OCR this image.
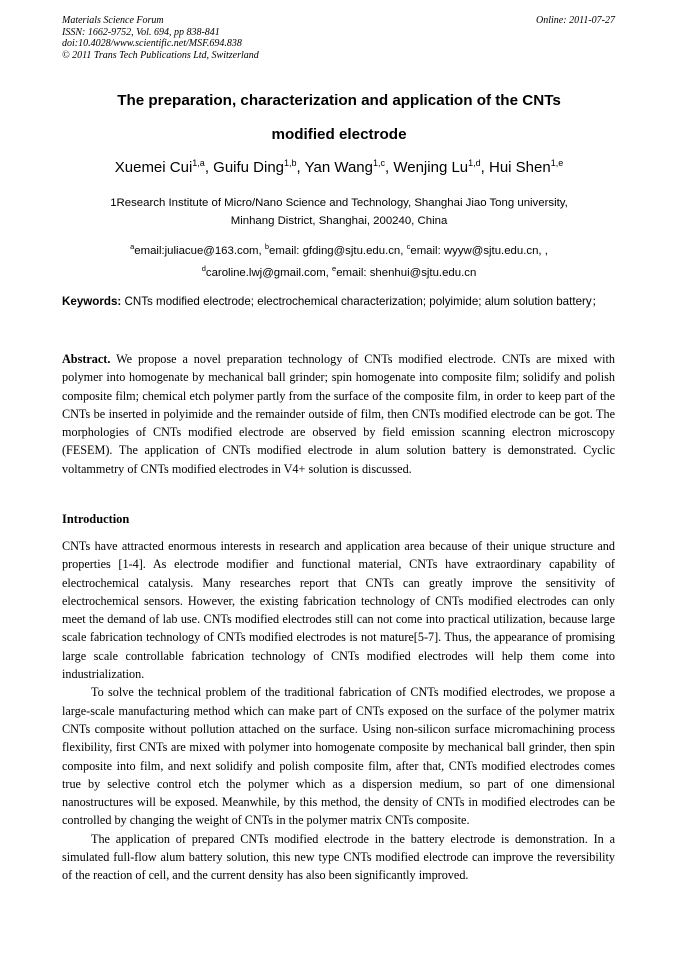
Materials Science Forum
ISSN: 1662-9752, Vol. 694, pp 838-841
doi:10.4028/www.scientific.net/MSF.694.838
© 2011 Trans Tech Publications Ltd, Switzerland
Online: 2011-07-27
The preparation, characterization and application of the CNTs
modified electrode
Xuemei Cui$^{1,a}$, Guifu Ding$^{1,b}$, Yan Wang$^{1,c}$, Wenjing Lu$^{1,d}$, Hui Shen$^{1,e}$
1Research Institute of Micro/Nano Science and Technology, Shanghai Jiao Tong university,
Minhang District, Shanghai, 200240, China
$^a$email:juliacue@163.com, $^b$email: gfding@sjtu.edu.cn, $^c$email: wyyw@sjtu.edu.cn, ,
$^d$caroline.lwj@gmail.com, $^e$email: shenhui@sjtu.edu.cn
Keywords: CNTs modified electrode; electrochemical characterization; polyimide; alum solution battery；
Abstract. We propose a novel preparation technology of CNTs modified electrode. CNTs are mixed with polymer into homogenate by mechanical ball grinder; spin homogenate into composite film; solidify and polish composite film; chemical etch polymer partly from the surface of the composite film, in order to keep part of the CNTs be inserted in polyimide and the remainder outside of film, then CNTs modified electrode can be got. The morphologies of CNTs modified electrode are observed by field emission scanning electron microscopy (FESEM). The application of CNTs modified electrode in alum solution battery is demonstrated. Cyclic voltammetry of CNTs modified electrodes in V4+ solution is discussed.
Introduction

CNTs have attracted enormous interests in research and application area because of their unique structure and properties [1-4]. As electrode modifier and functional material, CNTs have extraordinary capability of electrochemical catalysis. Many researches report that CNTs can greatly improve the sensitivity of electrochemical sensors. However, the existing fabrication technology of CNTs modified electrodes can only meet the demand of lab use. CNTs modified electrodes still can not come into practical utilization, because large scale fabrication technology of CNTs modified electrodes is not mature[5-7]. Thus, the appearance of promising large scale controllable fabrication technology of CNTs modified electrodes will help them come into industrialization.

To solve the technical problem of the traditional fabrication of CNTs modified electrodes, we propose a large-scale manufacturing method which can make part of CNTs exposed on the surface of the polymer matrix CNTs composite without pollution attached on the surface. Using non-silicon surface micromachining process flexibility, first CNTs are mixed with polymer into homogenate composite by mechanical ball grinder, then spin composite into film, and next solidify and polish composite film, after that, CNTs modified electrodes comes true by selective control etch the polymer which as a dispersion medium, so part of one dimensional nanostructures will be exposed. Meanwhile, by this method, the density of CNTs in modified electrodes can be controlled by changing the weight of CNTs in the polymer matrix CNTs composite.

The application of prepared CNTs modified electrode in the battery electrode is demonstration. In a simulated full-flow alum battery solution, this new type CNTs modified electrode can improve the reversibility of the reaction of cell, and the current density has also been significantly improved.
